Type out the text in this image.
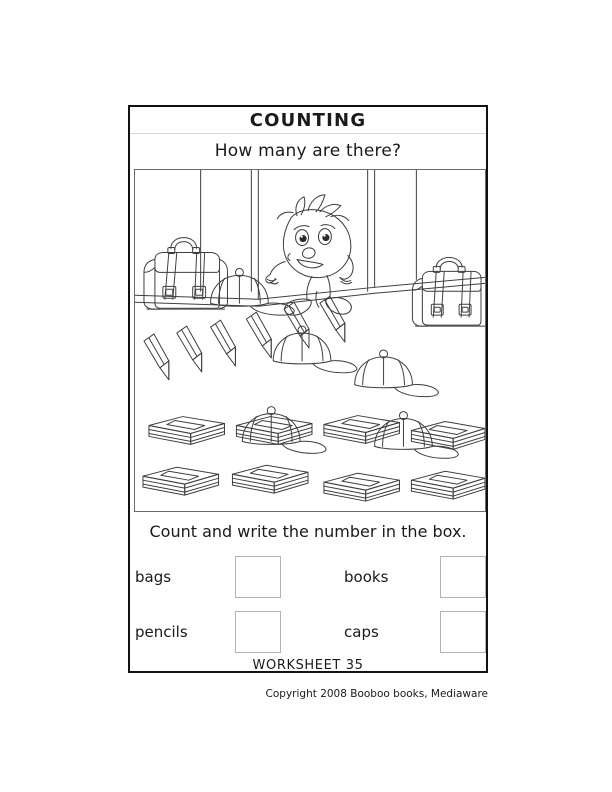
COUNTING
How many are there?
Count and write the number in the box.
bags	books
pencils	caps
WORKSHEET 35
Copyright 2008 Booboo books, Mediaware
